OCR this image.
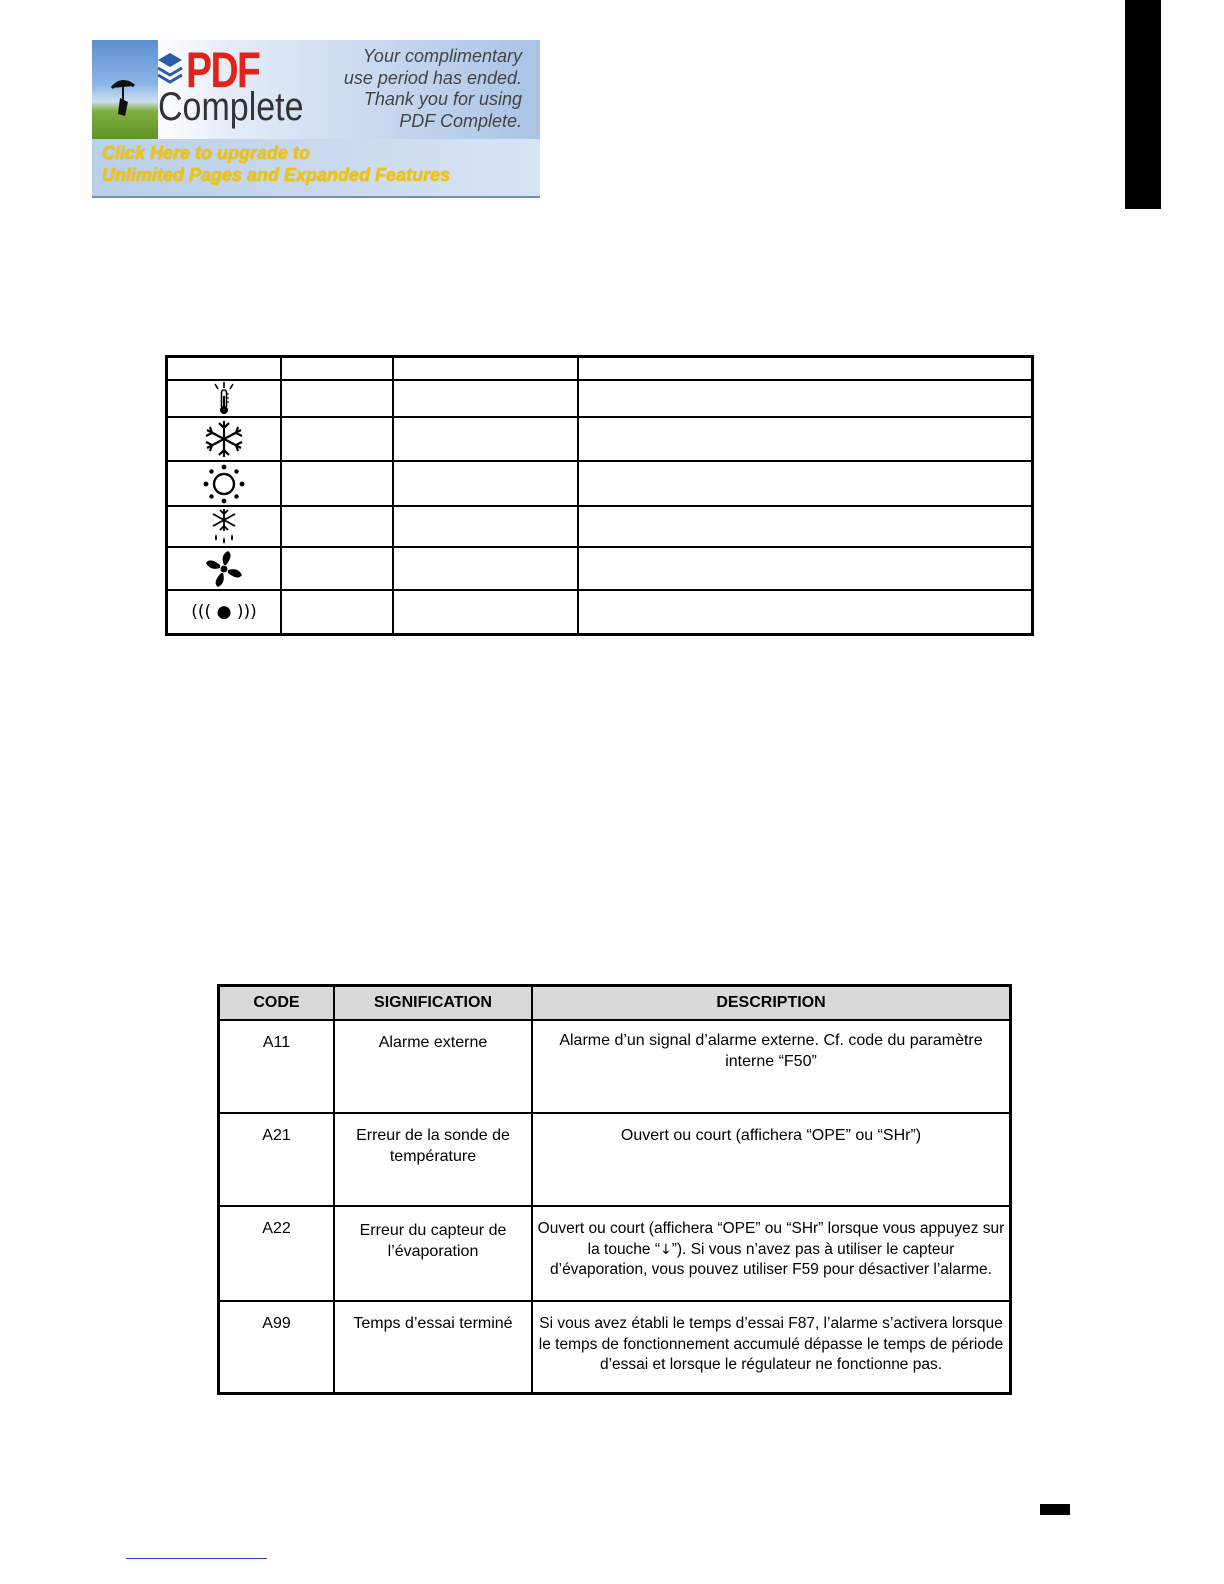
PDF
Complete
Your complimentary
use period has ended.
Thank you for using
PDF Complete.
Click Here to upgrade to
Unlimited Pages and Expanded Features

((( ● )))			
CODE	SIGNIFICATION	DESCRIPTION
A11	Alarme externe	Alarme d’un signal d’alarme externe. Cf. code du paramètre interne “F50”
A21	Erreur de la sonde de température	Ouvert ou court (affichera “OPE” ou “SHr”)
A22	Erreur du capteur de l’évaporation	Ouvert ou court (affichera “OPE” ou “SHr” lorsque vous appuyez sur la touche “↓”). Si vous n’avez pas à utiliser le capteur d’évaporation, vous pouvez utiliser F59 pour désactiver l’alarme.
A99	Temps d’essai terminé	Si vous avez établi le temps d’essai F87, l’alarme s’activera lorsque le temps de fonctionnement accumulé dépasse le temps de période d’essai et lorsque le régulateur ne fonctionne pas.
